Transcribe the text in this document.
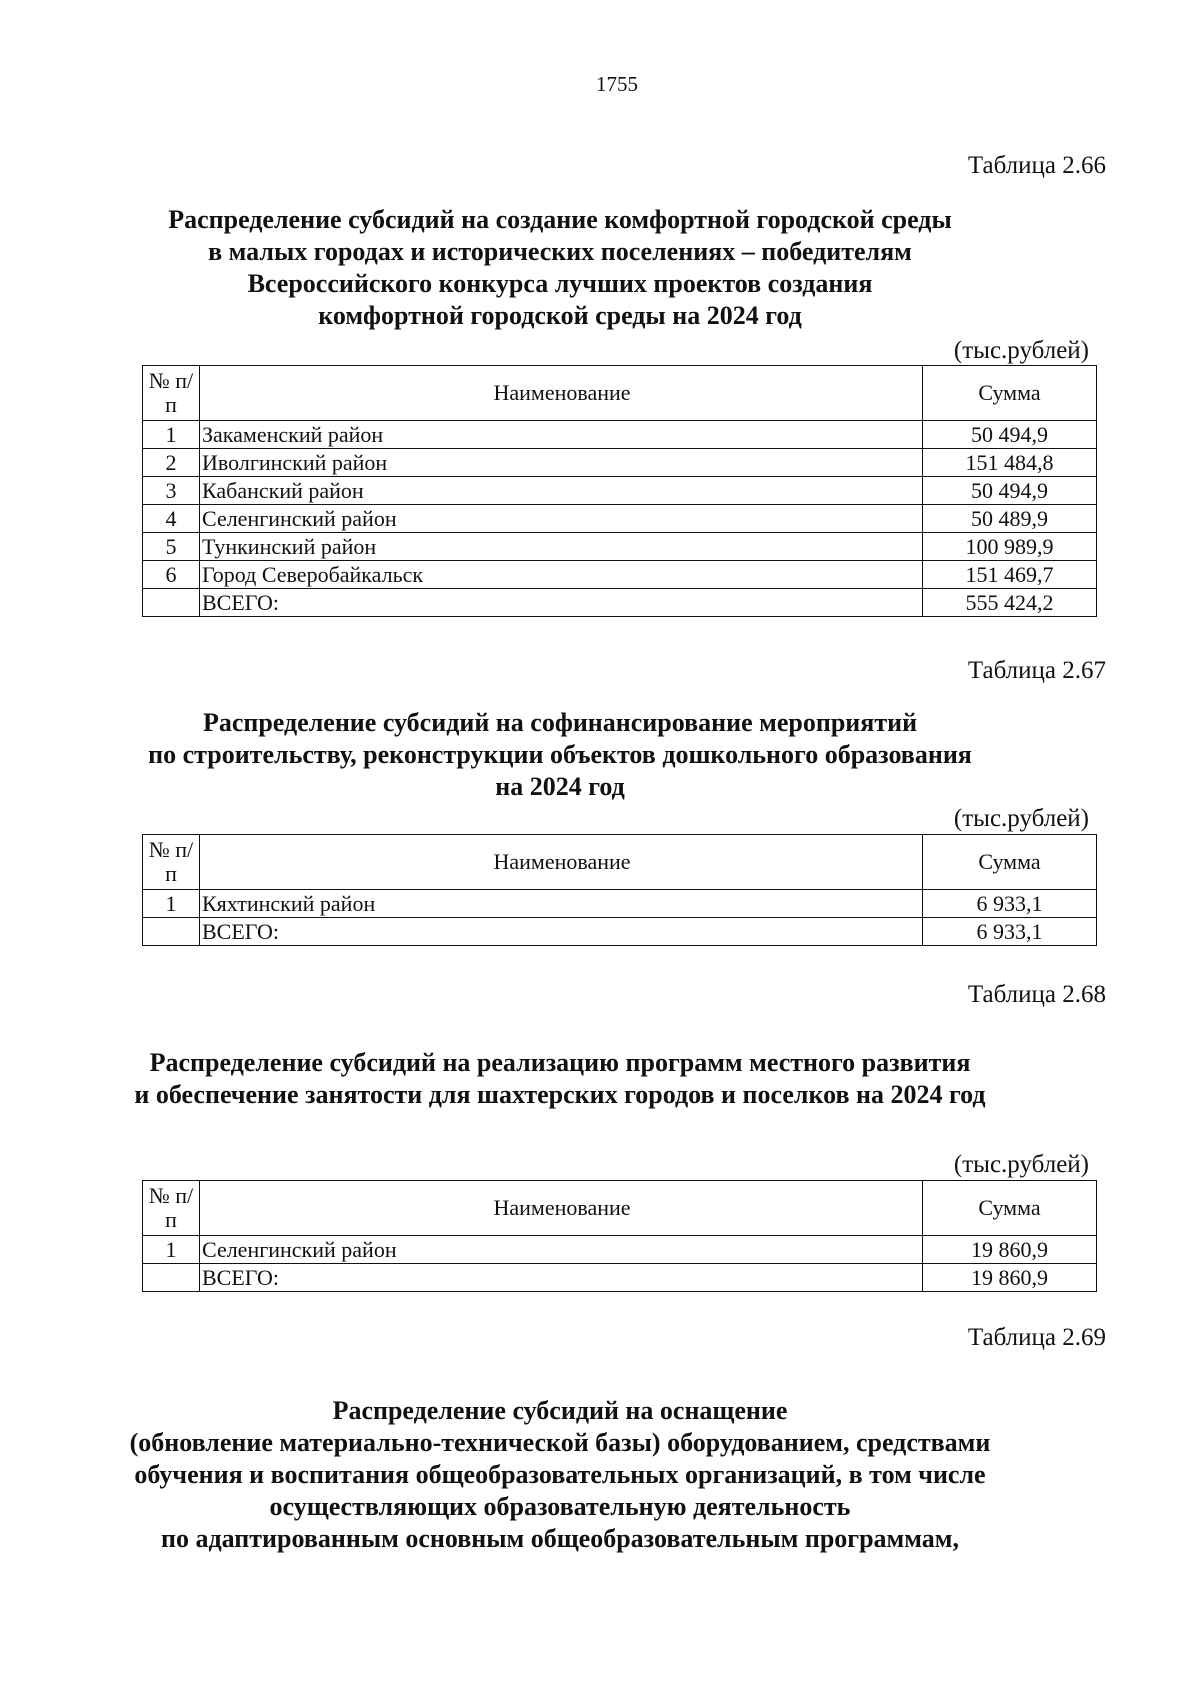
1755
Таблица 2.66
Распределение субсидий на создание комфортной городской среды
в малых городах и исторических поселениях – победителям
Всероссийского конкурса лучших проектов создания
комфортной городской среды на 2024 год
(тыс.рублей)
№ п/п	Наименование	Сумма
1	Закаменский район	50 494,9
2	Иволгинский район	151 484,8
3	Кабанский район	50 494,9
4	Селенгинский район	50 489,9
5	Тункинский район	100 989,9
6	Город Северобайкальск	151 469,7
	ВСЕГО:	555 424,2
Таблица 2.67
Распределение субсидий на софинансирование мероприятий
по строительству, реконструкции объектов дошкольного образования
на 2024 год
(тыс.рублей)
№ п/п	Наименование	Сумма
1	Кяхтинский район	6 933,1
	ВСЕГО:	6 933,1
Таблица 2.68
Распределение субсидий на реализацию программ местного развития
и обеспечение занятости для шахтерских городов и поселков на 2024 год
(тыс.рублей)
№ п/п	Наименование	Сумма
1	Селенгинский район	19 860,9
	ВСЕГО:	19 860,9
Таблица 2.69
Распределение субсидий на оснащение
(обновление материально-технической базы) оборудованием, средствами
обучения и воспитания общеобразовательных организаций, в том числе
осуществляющих образовательную деятельность
по адаптированным основным общеобразовательным программам,
